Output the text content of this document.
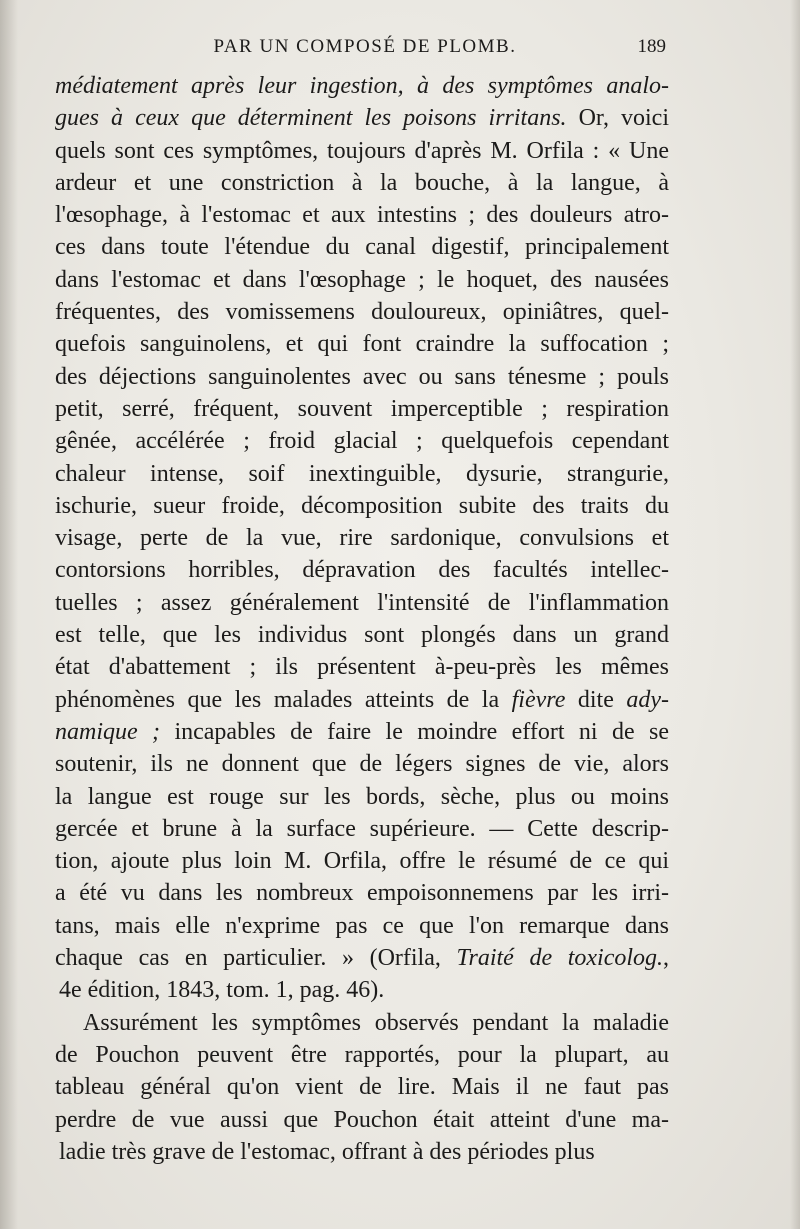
PAR UN COMPOSÉ DE PLOMB.	189
médiatement après leur ingestion, à des symptômes analo-
gues à ceux que déterminent les poisons irritans. Or, voici
quels sont ces symptômes, toujours d'après M. Orfila : « Une
ardeur et une constriction à la bouche, à la langue, à
l'œsophage, à l'estomac et aux intestins ; des douleurs atro-
ces dans toute l'étendue du canal digestif, principalement
dans l'estomac et dans l'œsophage ; le hoquet, des nausées
fréquentes, des vomissemens douloureux, opiniâtres, quel-
quefois sanguinolens, et qui font craindre la suffocation ;
des déjections sanguinolentes avec ou sans ténesme ; pouls
petit, serré, fréquent, souvent imperceptible ; respiration
gênée, accélérée ; froid glacial ; quelquefois cependant
chaleur intense, soif inextinguible, dysurie, strangurie,
ischurie, sueur froide, décomposition subite des traits du
visage, perte de la vue, rire sardonique, convulsions et
contorsions horribles, dépravation des facultés intellec-
tuelles ; assez généralement l'intensité de l'inflammation
est telle, que les individus sont plongés dans un grand
état d'abattement ; ils présentent à-peu-près les mêmes
phénomènes que les malades atteints de la fièvre dite ady-
namique ; incapables de faire le moindre effort ni de se
soutenir, ils ne donnent que de légers signes de vie, alors
la langue est rouge sur les bords, sèche, plus ou moins
gercée et brune à la surface supérieure. — Cette descrip-
tion, ajoute plus loin M. Orfila, offre le résumé de ce qui
a été vu dans les nombreux empoisonnemens par les irri-
tans, mais elle n'exprime pas ce que l'on remarque dans
chaque cas en particulier. » (Orfila, Traité de toxicolog.,
4e édition, 1843, tom. 1, pag. 46).
Assurément les symptômes observés pendant la maladie
de Pouchon peuvent être rapportés, pour la plupart, au
tableau général qu'on vient de lire. Mais il ne faut pas
perdre de vue aussi que Pouchon était atteint d'une ma-
ladie très grave de l'estomac, offrant à des périodes plus
